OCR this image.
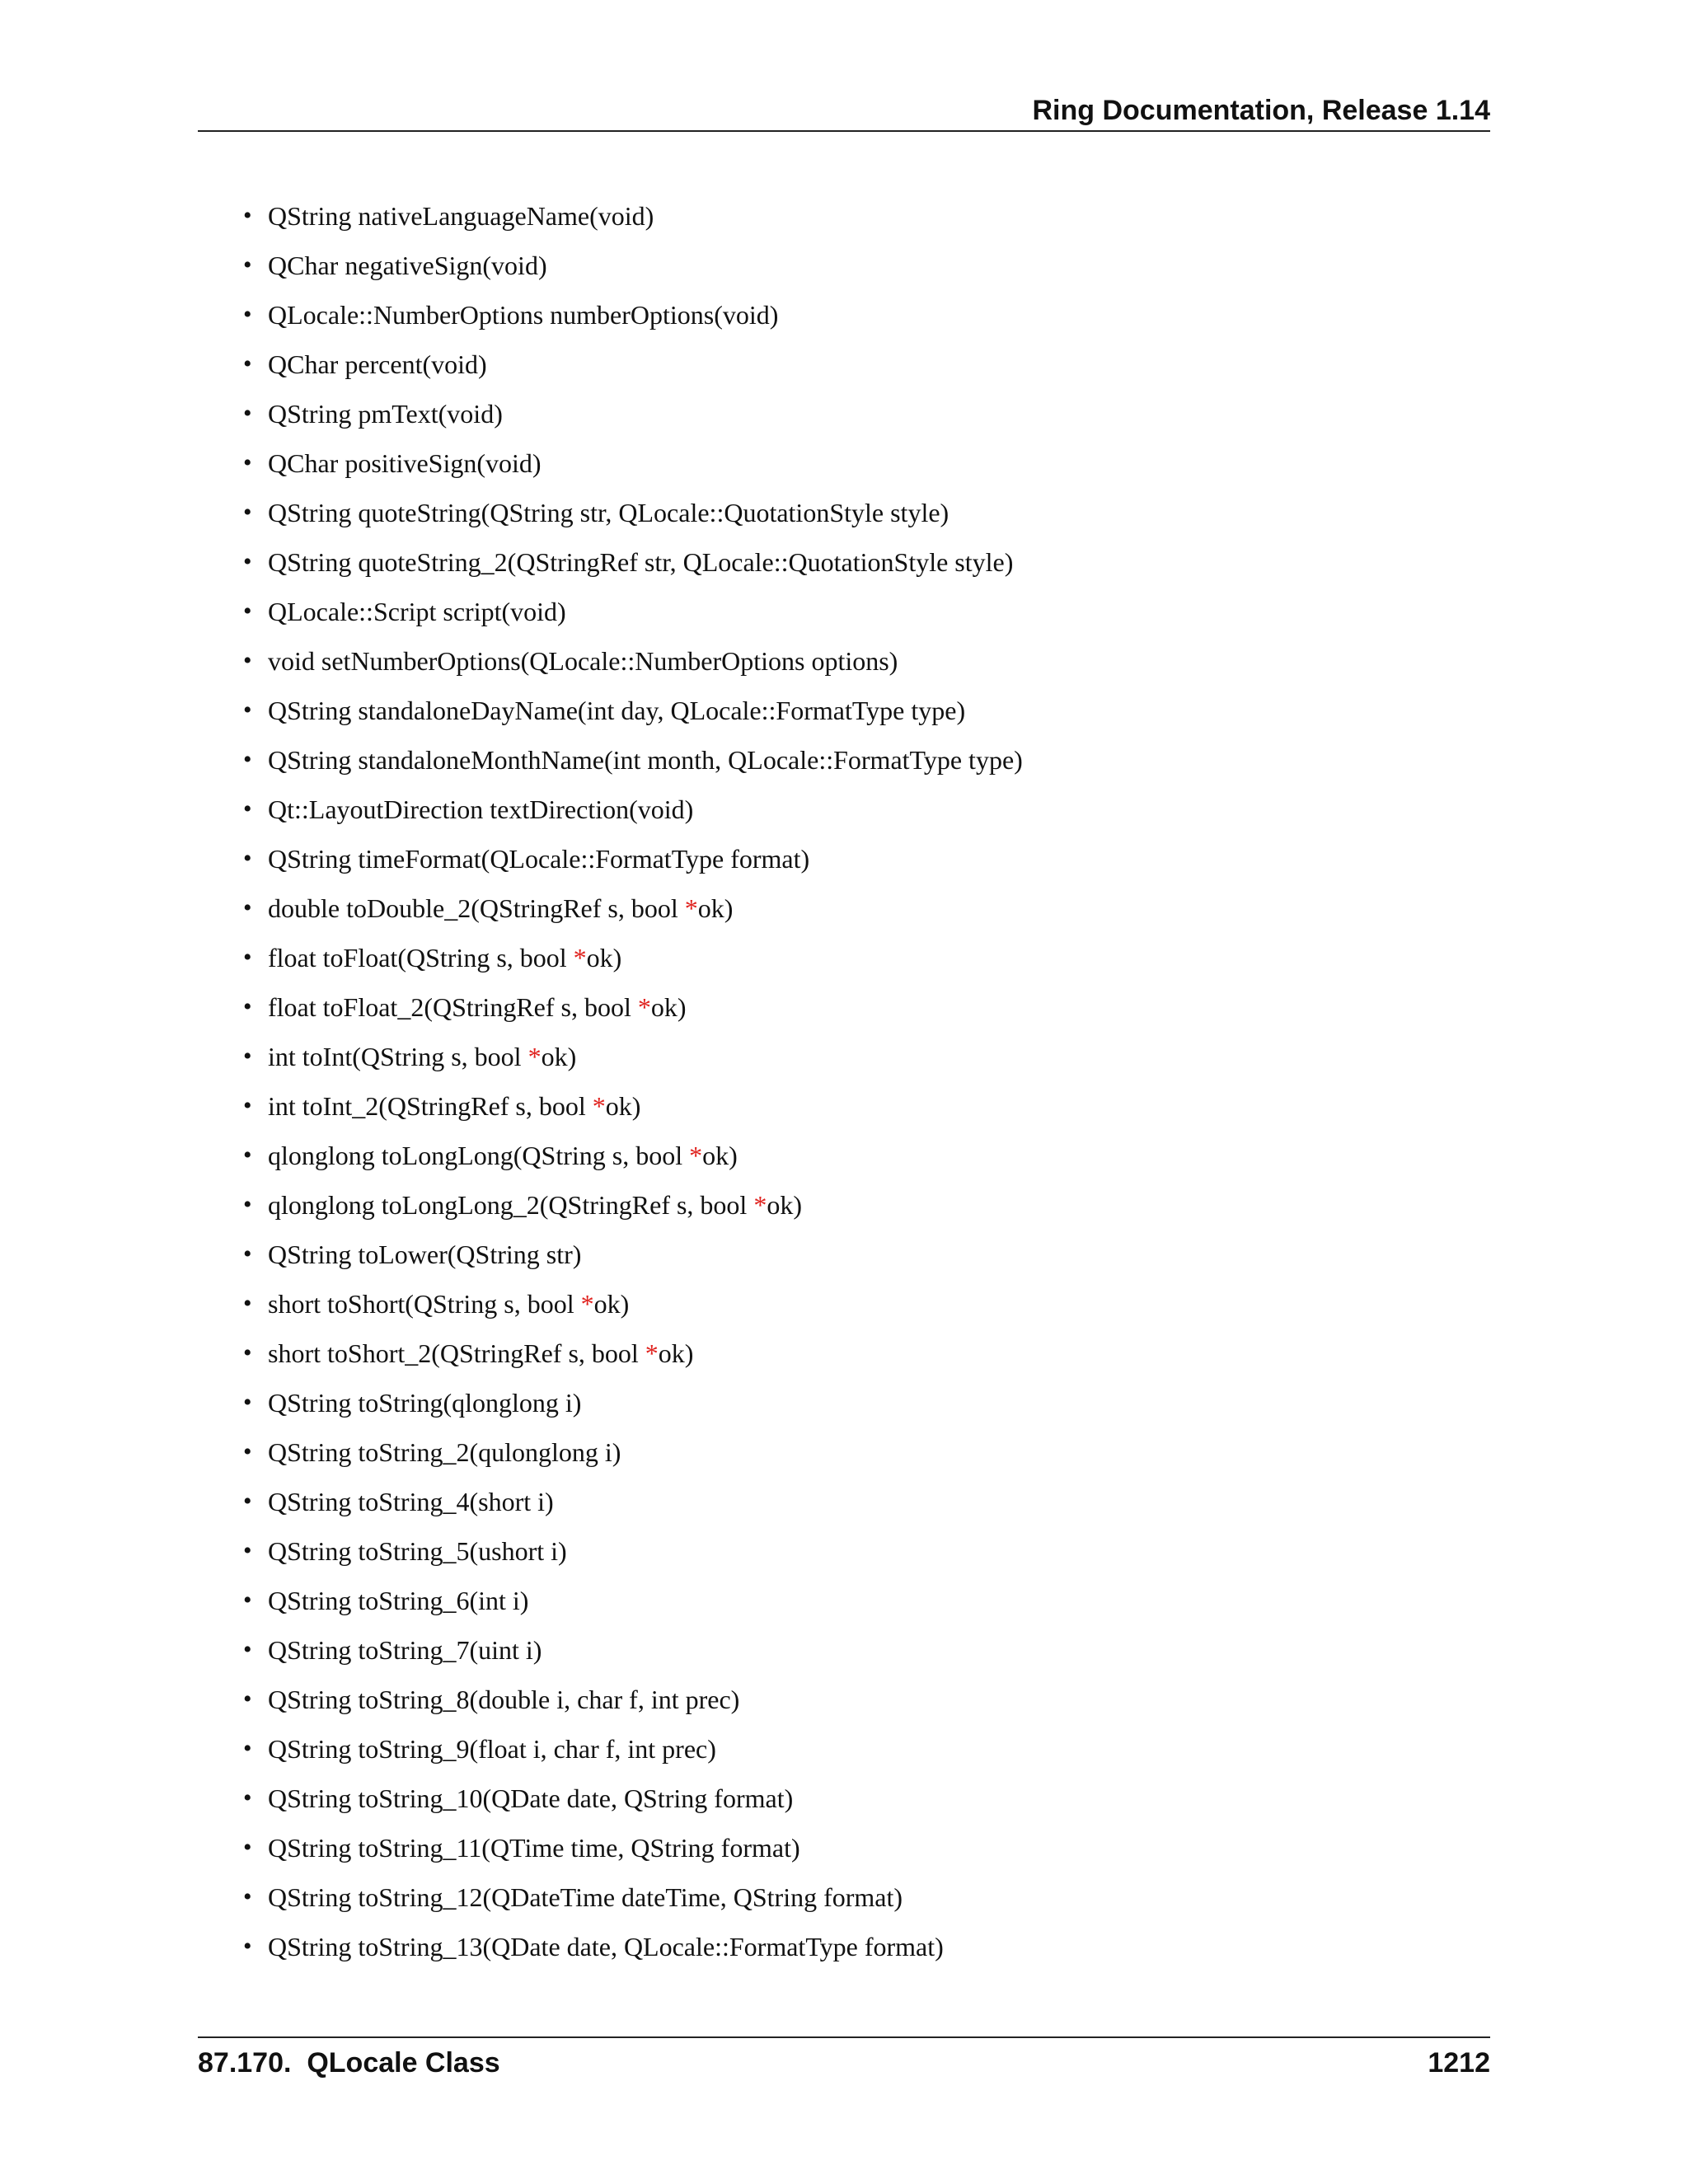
Ring Documentation, Release 1.14
• QString nativeLanguageName(void)
• QChar negativeSign(void)
• QLocale::NumberOptions numberOptions(void)
• QChar percent(void)
• QString pmText(void)
• QChar positiveSign(void)
• QString quoteString(QString str, QLocale::QuotationStyle style)
• QString quoteString_2(QStringRef str, QLocale::QuotationStyle style)
• QLocale::Script script(void)
• void setNumberOptions(QLocale::NumberOptions options)
• QString standaloneDayName(int day, QLocale::FormatType type)
• QString standaloneMonthName(int month, QLocale::FormatType type)
• Qt::LayoutDirection textDirection(void)
• QString timeFormat(QLocale::FormatType format)
• double toDouble_2(QStringRef s, bool *ok)
• float toFloat(QString s, bool *ok)
• float toFloat_2(QStringRef s, bool *ok)
• int toInt(QString s, bool *ok)
• int toInt_2(QStringRef s, bool *ok)
• qlonglong toLongLong(QString s, bool *ok)
• qlonglong toLongLong_2(QStringRef s, bool *ok)
• QString toLower(QString str)
• short toShort(QString s, bool *ok)
• short toShort_2(QStringRef s, bool *ok)
• QString toString(qlonglong i)
• QString toString_2(qulonglong i)
• QString toString_4(short i)
• QString toString_5(ushort i)
• QString toString_6(int i)
• QString toString_7(uint i)
• QString toString_8(double i, char f, int prec)
• QString toString_9(float i, char f, int prec)
• QString toString_10(QDate date, QString format)
• QString toString_11(QTime time, QString format)
• QString toString_12(QDateTime dateTime, QString format)
• QString toString_13(QDate date, QLocale::FormatType format)
87.170.  QLocale Class	1212
